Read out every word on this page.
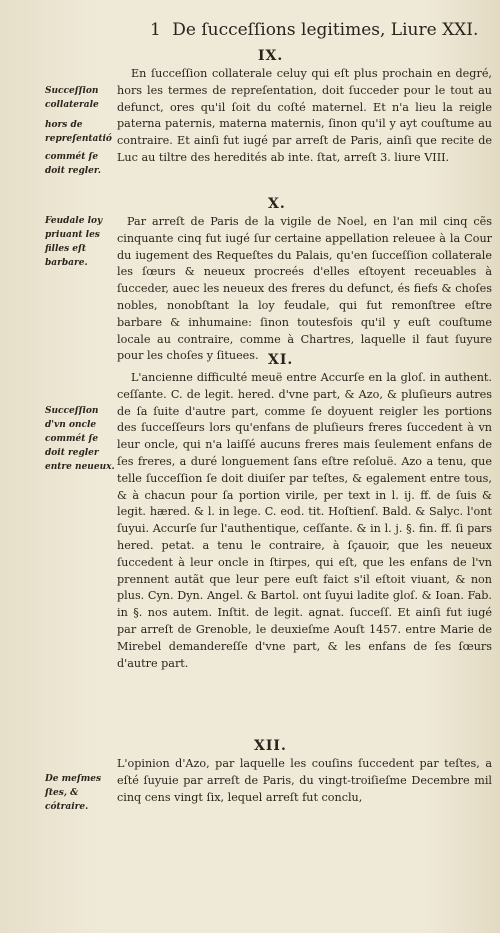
1 De ſucceſſions legitimes, Liure XXI.
IX.
Succeſſion collaterale
hors de repreſentatió
commét ſe doit regler.

En ſucceſſion collaterale celuy qui eſt plus prochain en degré, hors les termes de repreſentation, doit ſucceder pour le tout au defunct, ores qu'il ſoit du coſté maternel. Et n'a lieu la reigle paterna paternis, materna maternis, ſinon qu'il y ayt couſtume au contraire. Et ainſi fut iugé par arreſt de Paris, ainſi que recite de Luc au tiltre des heredités ab inte. ſtat, arreſt 3. liure VIII.

X.
Feudale loy priuant les filles eſt barbare.

Par arreſt de Paris de la vigile de Noel, en l'an mil cinq cẽs cinquante cinq fut iugé ſur certaine appellation releuee à la Cour du iugement des Requeſtes du Palais, qu'en ſucceſſion collaterale les ſœurs & neueux procreés d'elles eſtoyent receuables à ſucceder, auec les neueux des freres du defunct, és fiefs & choſes nobles, nonobſtant la loy feudale, qui fut remonſtree eſtre barbare & inhumaine: ſinon toutesfois qu'il y euſt couſtume locale au contraire, comme à Chartres, laquelle il faut ſuyure pour les choſes y ſituees. XI.
Succeſſion d'vn oncle commét ſe doit regler entre neueux.

L'ancienne difficulté meuë entre Accurſe en la gloſ. in authent. ceſſante. C. de legit. hered. d'vne part, & Azo, & pluſieurs autres de ſa ſuite d'autre part, comme ſe doyuent reigler les portions des ſucceſſeurs lors qu'enfans de pluſieurs freres ſuccedent à vn leur oncle, qui n'a laiſſé aucuns freres mais ſeulement enfans de ſes freres, a duré longuement ſans eſtre reſoluë. Azo a tenu, que telle ſucceſſion ſe doit diuiſer par teſtes, & egalement entre tous, & à chacun pour ſa portion virile, per text in l. ij. ff. de ſuis & legit. hæred. & l. in lege. C. eod. tit. Hoſtienſ. Bald. & Salyc. l'ont ſuyui. Accurſe ſur l'authentique, ceſſante. & in l. j. §. fin. ff. ſi pars hered. petat. a tenu le contraire, à ſçauoir, que les neueux ſuccedent à leur oncle in ſtirpes, qui eſt, que les enfans de l'vn prennent autãt que leur pere euſt faict s'il eſtoit viuant, & non plus. Cyn. Dyn. Angel. & Bartol. ont ſuyui ladite gloſ. & Ioan. Fab. in §. nos autem. Inſtit. de legit. agnat. ſucceſſ. Et ainſi fut iugé par arreſt de Grenoble, le deuxieſme Aouſt 1457. entre Marie de Mirebel demandereſſe d'vne part, & les enfans de ſes ſœurs d'autre part.

XII.
De meſmes ſtes, & cótraire.

L'opinion d'Azo, par laquelle les couſins ſuccedent par teſtes, a eſté ſuyuie par arreſt de Paris, du vingt-troiſieſme Decembre mil cinq cens vingt ſix, lequel arreſt fut conclu,
